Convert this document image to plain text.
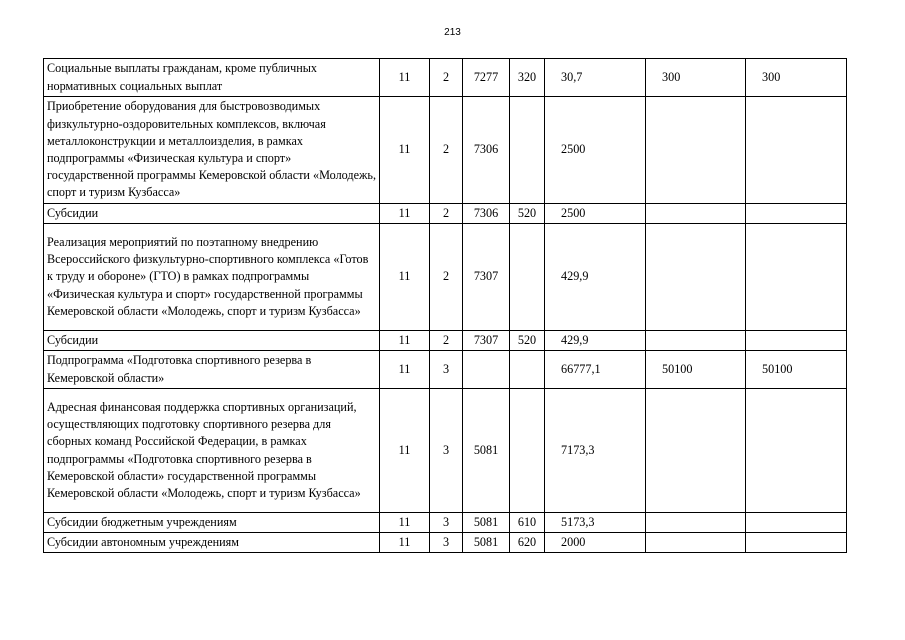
213
Социальные выплаты гражданам, кроме публичных нормативных социальных выплат	11	2	7277	320	30,7	300	300
Приобретение оборудования для быстровозводимых физкультурно-оздоровительных комплексов, включая металлоконструкции и металлоизделия, в рамках подпрограммы «Физическая культура и спорт» государственной программы Кемеровской области «Молодежь, спорт и туризм Кузбасса»	11	2	7306		2500		
Субсидии	11	2	7306	520	2500		
Реализация мероприятий по поэтапному внедрению Всероссийского физкультурно-спортивного комплекса «Готов к труду и обороне» (ГТО) в рамках подпрограммы «Физическая культура и спорт» государственной программы Кемеровской области «Молодежь, спорт и туризм Кузбасса»	11	2	7307		429,9		
Субсидии	11	2	7307	520	429,9		
Подпрограмма «Подготовка спортивного резерва в Кемеровской области»	11	3			66777,1	50100	50100
Адресная финансовая поддержка спортивных организаций, осуществляющих подготовку спортивного резерва для сборных команд Российской Федерации, в рамках подпрограммы «Подготовка спортивного резерва в Кемеровской области» государственной программы Кемеровской области «Молодежь, спорт и туризм Кузбасса»	11	3	5081		7173,3		
Субсидии бюджетным учреждениям	11	3	5081	610	5173,3		
Субсидии автономным учреждениям	11	3	5081	620	2000		
